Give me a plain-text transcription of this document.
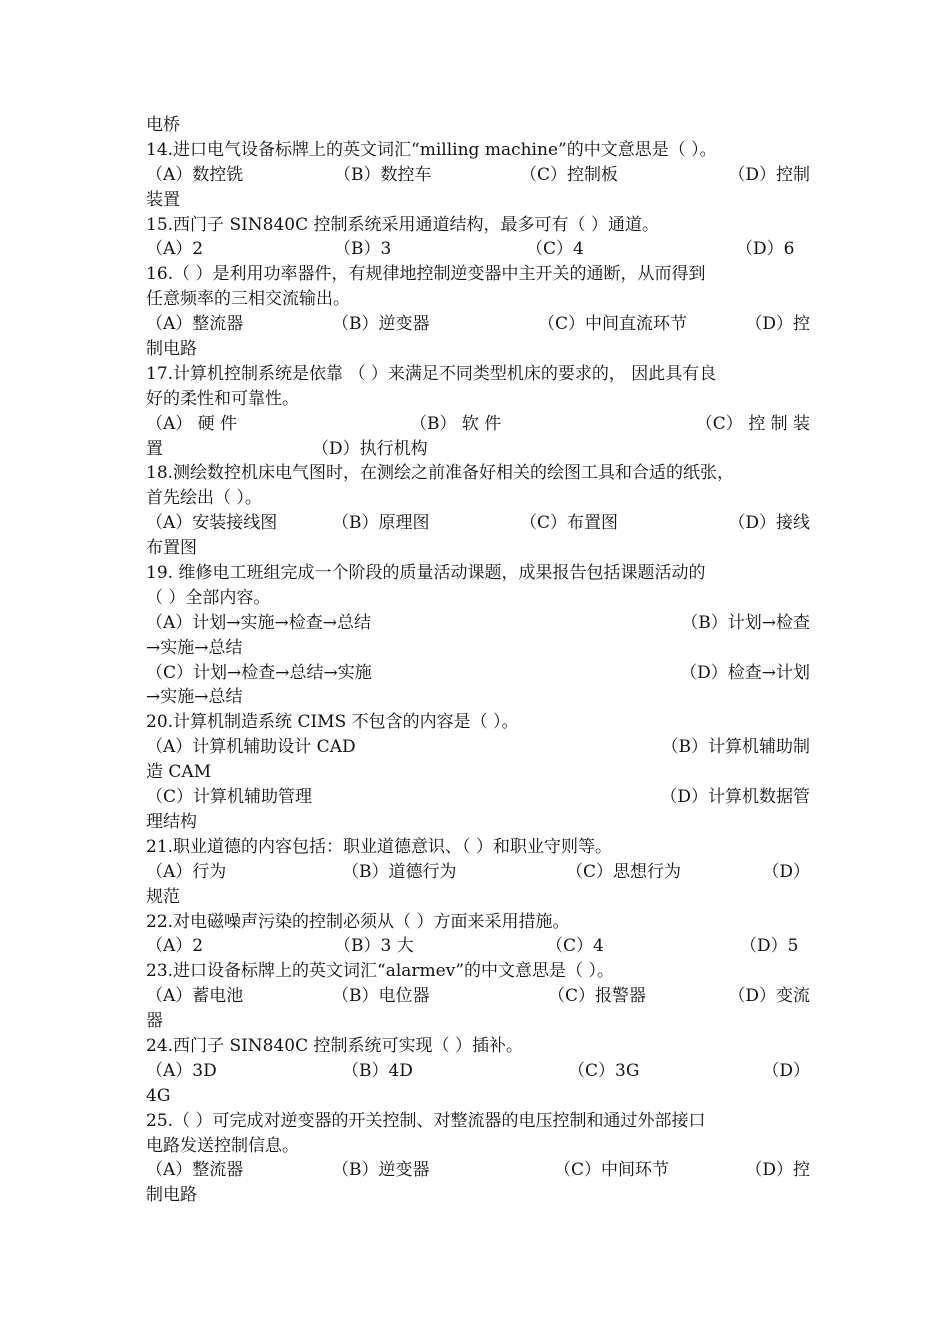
电桥
14.进口电气设备标牌上的英文词汇“milling machine”的中文意思是（ ）。
（A）数控铣	（B）数控车	（C）控制板	（D）控制
装置
15.西门子 SIN840C 控制系统采用通道结构，最多可有（ ）通道。
（A）2	（B）3	（C）4	（D）6
16.（ ）是利用功率器件，有规律地控制逆变器中主开关的通断，从而得到
任意频率的三相交流输出。
（A）整流器	（B）逆变器	（C）中间直流环节	（D）控
制电路
17.计算机控制系统是依靠 （ ）来满足不同类型机床的要求的， 因此具有良
好的柔性和可靠性。
（A） 硬 件	（B） 软 件	（C） 控 制 装
置	（D）执行机构
18.测绘数控机床电气图时，在测绘之前准备好相关的绘图工具和合适的纸张，
首先绘出（ ）。
（A）安装接线图	（B）原理图	（C）布置图	（D）接线
布置图
19. 维修电工班组完成一个阶段的质量活动课题，成果报告包括课题活动的
（ ）全部内容。
（A）计划→实施→检查→总结	（B）计划→检查
→实施→总结
（C）计划→检查→总结→实施	（D）检查→计划
→实施→总结
20.计算机制造系统 CIMS 不包含的内容是（ ）。
（A）计算机辅助设计 CAD	（B）计算机辅助制
造 CAM
（C）计算机辅助管理	（D）计算机数据管
理结构
21.职业道德的内容包括：职业道德意识、（ ）和职业守则等。
（A）行为	（B）道德行为	（C）思想行为	（D）
规范
22.对电磁噪声污染的控制必须从（ ）方面来采用措施。
（A）2	（B）3 大	（C）4	（D）5
23.进口设备标牌上的英文词汇“alarmev”的中文意思是（ ）。
（A）蓄电池	（B）电位器	（C）报警器	（D）变流
器
24.西门子 SIN840C 控制系统可实现（ ）插补。
（A）3D	（B）4D	（C）3G	（D）
4G
25.（ ）可完成对逆变器的开关控制、对整流器的电压控制和通过外部接口
电路发送控制信息。
（A）整流器	（B）逆变器	（C）中间环节	（D）控
制电路
